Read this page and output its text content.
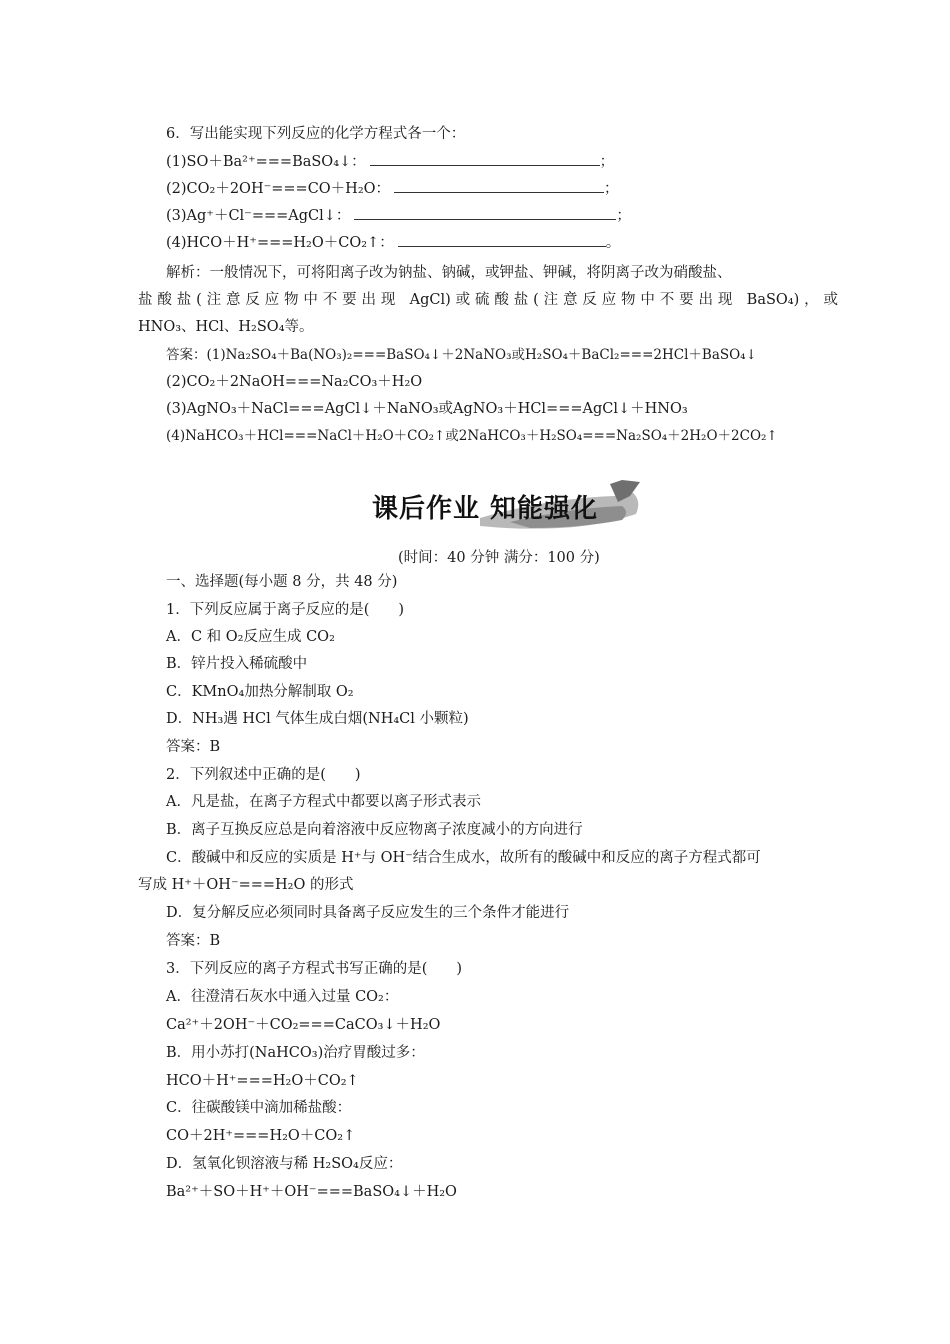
6．写出能实现下列反应的化学方程式各一个：
(1)SO＋Ba²⁺===BaSO₄↓：	；
(2)CO₂＋2OH⁻===CO＋H₂O：	；
(3)Ag⁺＋Cl⁻===AgCl↓：	；
(4)HCO＋H⁺===H₂O＋CO₂↑：	。
解析：一般情况下，可将阳离子改为钠盐、钠碱，或钾盐、钾碱，将阴离子改为硝酸盐、
盐酸盐(注意反应物中不要出现 AgCl)或硫酸盐(注意反应物中不要出现 BaSO₄)，或
HNO₃、HCl、H₂SO₄等。
答案：(1)Na₂SO₄＋Ba(NO₃)₂===BaSO₄↓＋2NaNO₃或H₂SO₄＋BaCl₂===2HCl＋BaSO₄↓
(2)CO₂＋2NaOH===Na₂CO₃＋H₂O
(3)AgNO₃＋NaCl===AgCl↓＋NaNO₃或AgNO₃＋HCl===AgCl↓＋HNO₃
(4)NaHCO₃＋HCl===NaCl＋H₂O＋CO₂↑或2NaHCO₃＋H₂SO₄===Na₂SO₄＋2H₂O＋2CO₂↑
课后作业 知能强化
(时间：40 分钟 满分：100 分)
一、选择题(每小题 8 分，共 48 分)
1．下列反应属于离子反应的是(　　)
A．C 和 O₂反应生成 CO₂
B．锌片投入稀硫酸中
C．KMnO₄加热分解制取 O₂
D．NH₃遇 HCl 气体生成白烟(NH₄Cl 小颗粒)
答案：B
2．下列叙述中正确的是(　　)
A．凡是盐，在离子方程式中都要以离子形式表示
B．离子互换反应总是向着溶液中反应物离子浓度减小的方向进行
C．酸碱中和反应的实质是 H⁺与 OH⁻结合生成水，故所有的酸碱中和反应的离子方程式都可
写成 H⁺＋OH⁻===H₂O 的形式
D．复分解反应必须同时具备离子反应发生的三个条件才能进行
答案：B
3．下列反应的离子方程式书写正确的是(　　)
A．往澄清石灰水中通入过量 CO₂：
Ca²⁺＋2OH⁻＋CO₂===CaCO₃↓＋H₂O
B．用小苏打(NaHCO₃)治疗胃酸过多：
HCO＋H⁺===H₂O＋CO₂↑
C．往碳酸镁中滴加稀盐酸：
CO＋2H⁺===H₂O＋CO₂↑
D．氢氧化钡溶液与稀 H₂SO₄反应：
Ba²⁺＋SO＋H⁺＋OH⁻===BaSO₄↓＋H₂O
